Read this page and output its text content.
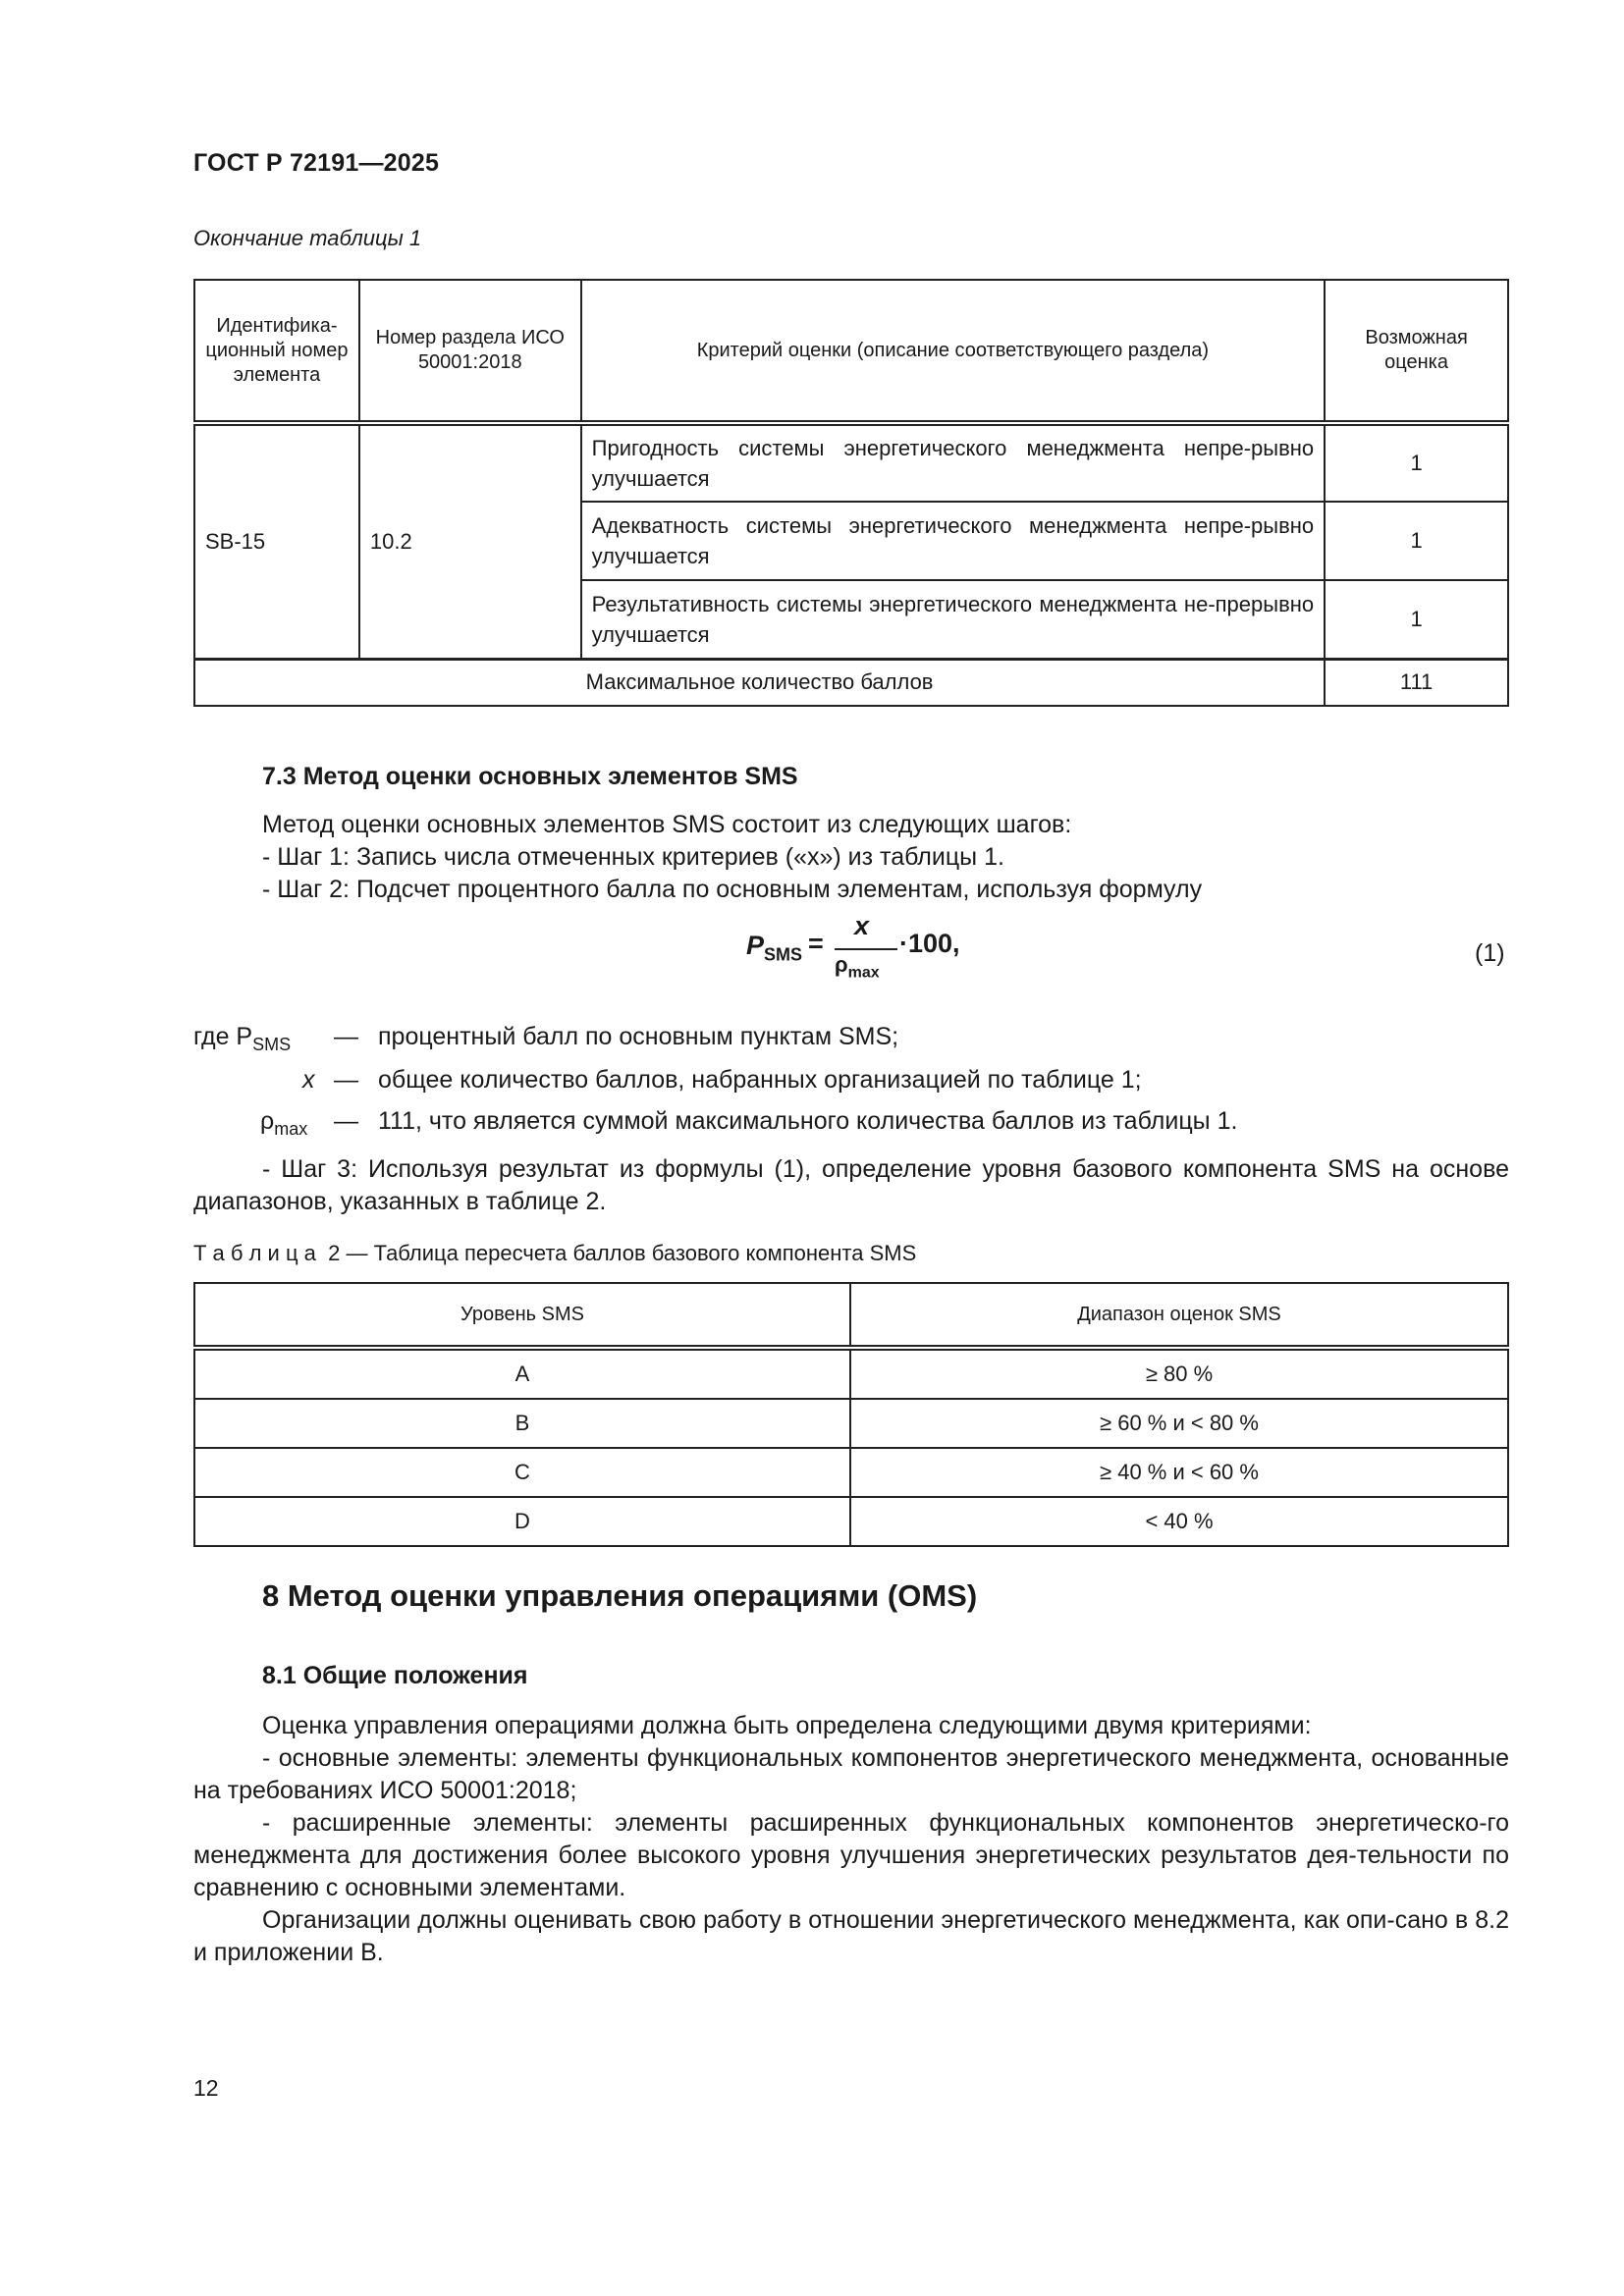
ГОСТ Р 72191—2025
Окончание таблицы 1
Идентифика-ционный номер элемента	Номер раздела ИСО 50001:2018	Критерий оценки (описание соответствующего раздела)	Возможная оценка
SB-15	10.2	Пригодность системы энергетического менеджмента непре-рывно улучшается	1
		Адекватность системы энергетического менеджмента непре-рывно улучшается	1
		Результативность системы энергетического менеджмента не-прерывно улучшается	1
Максимальное количество баллов			111
7.3 Метод оценки основных элементов SMS
Метод оценки основных элементов SMS состоит из следующих шагов:
- Шаг 1: Запись числа отмеченных критериев («x») из таблицы 1.
- Шаг 2: Подсчет процентного балла по основным элементам, используя формулу
$P_{SMS}$ =
x
$\rho_{max}$
·100,	(1)
где $P_{SMS}$ — процентный балл по основным пунктам SMS;
x — общее количество баллов, набранных организацией по таблице 1;
$\rho_{max}$ — 111, что является суммой максимального количества баллов из таблицы 1.
- Шаг 3: Используя результат из формулы (1), определение уровня базового компонента SMS на основе диапазонов, указанных в таблице 2.
Т а б л и ц а 2 — Таблица пересчета баллов базового компонента SMS
Уровень SMS	Диапазон оценок SMS
A	≥ 80 %
B	≥ 60 % и < 80 %
C	≥ 40 % и < 60 %
D	< 40 %
8 Метод оценки управления операциями (OMS)
8.1 Общие положения
Оценка управления операциями должна быть определена следующими двумя критериями:
- основные элементы: элементы функциональных компонентов энергетического менеджмента, основанные на требованиях ИСО 50001:2018;
- расширенные элементы: элементы расширенных функциональных компонентов энергетическо-го менеджмента для достижения более высокого уровня улучшения энергетических результатов дея-тельности по сравнению с основными элементами.
Организации должны оценивать свою работу в отношении энергетического менеджмента, как опи-сано в 8.2 и приложении В.
12
